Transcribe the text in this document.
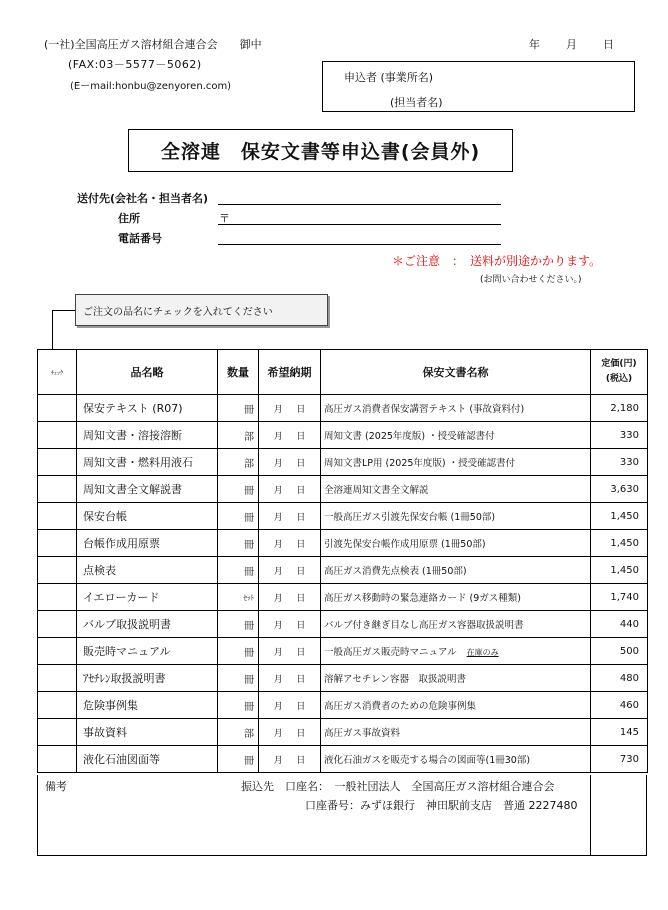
(一社)全国高圧ガス溶材組合連合会　　御中
(FAX:03－5577－5062)
(Eーmail:honbu@zenyoren.com)
年 月 日
申込者 (事業所名)
(担当者名)
全溶連　保安文書等申込書(会員外)
送付先(会社名・担当者名)
住所	〒
電話番号
＊ご注意　：　送料が別途かかります。
(お問い合わせください。)
ご注文の品名にチェックを入れてください
ﾁｪｯｸ	品名略	数量	希望納期	保安文書名称	定価(円)
(税込)

	保安テキスト (R07)	冊	月 日	高圧ガス消費者保安講習テキスト (事故資料付)	2,180
	周知文書・溶接溶断	部	月 日	周知文書 (2025年度版) ・授受確認書付	330
	周知文書・燃料用液石	部	月 日	周知文書LP用 (2025年度版) ・授受確認書付	330
	周知文書全文解説書	冊	月 日	全溶連周知文書全文解説	3,630
	保安台帳	冊	月 日	一般高圧ガス引渡先保安台帳 (1冊50部)	1,450
	台帳作成用原票	冊	月 日	引渡先保安台帳作成用原票 (1冊50部)	1,450
	点検表	冊	月 日	高圧ガス消費先点検表 (1冊50部)	1,450
	イエローカード	ｾｯﾄ	月 日	高圧ガス移動時の緊急連絡カード (9ガス種類)	1,740
	バルブ取扱説明書	冊	月 日	バルブ付き継ぎ目なし高圧ガス容器取扱説明書	440
	販売時マニュアル	冊	月 日	一般高圧ガス販売時マニュアル 在庫のみ	500
	ｱｾﾁﾚﾝ取扱説明書	冊	月 日	溶解アセチレン容器　取扱説明書	480
	危険事例集	冊	月 日	高圧ガス消費者のための危険事例集	460
	事故資料	部	月 日	高圧ガス事故資料	145
	液化石油図面等	冊	月 日	液化石油ガスを販売する場合の図面等(1冊30部)	730
備考	振込先 口座名：　一般社団法人　全国高圧ガス溶材組合連合会
口座番号：みずほ銀行　神田駅前支店　普通 2227480
